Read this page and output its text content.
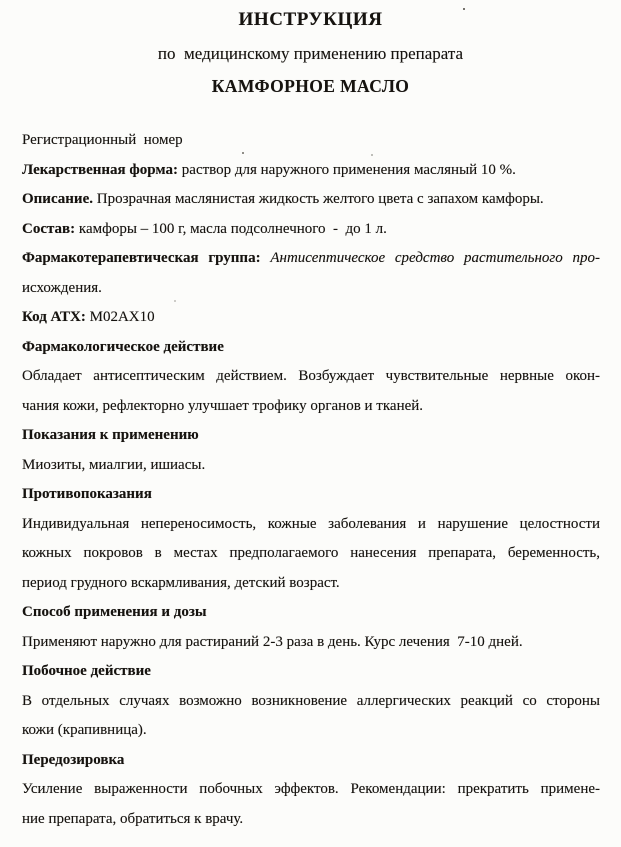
ИНСТРУКЦИЯ
по  медицинскому применению препарата
КАМФОРНОЕ МАСЛО

Регистрационный  номер

Лекарственная форма: раствор для наружного применения масляный 10 %.

Описание. Прозрачная маслянистая жидкость желтого цвета с запахом камфоры.

Состав: камфоры – 100 г, масла подсолнечного  -  до 1 л.

Фармакотерапевтическая группа: Антисептическое средство растительного про-

исхождения.

Код АТХ: M02AX10

Фармакологическое действие

Обладает антисептическим действием. Возбуждает чувствительные нервные окон-

чания кожи, рефлекторно улучшает трофику органов и тканей.

Показания к применению

Миозиты, миалгии, ишиасы.

Противопоказания

Индивидуальная непереносимость, кожные заболевания и нарушение целостности

кожных покровов в местах предполагаемого нанесения препарата, беременность,

период грудного вскармливания, детский возраст.

Способ применения и дозы

Применяют наружно для растираний 2-3 раза в день. Курс лечения  7-10 дней.

Побочное действие

В отдельных случаях возможно возникновение аллергических реакций со стороны

кожи (крапивница).

Передозировка

Усиление выраженности побочных эффектов. Рекомендации: прекратить примене-

ние препарата, обратиться к врачу.
